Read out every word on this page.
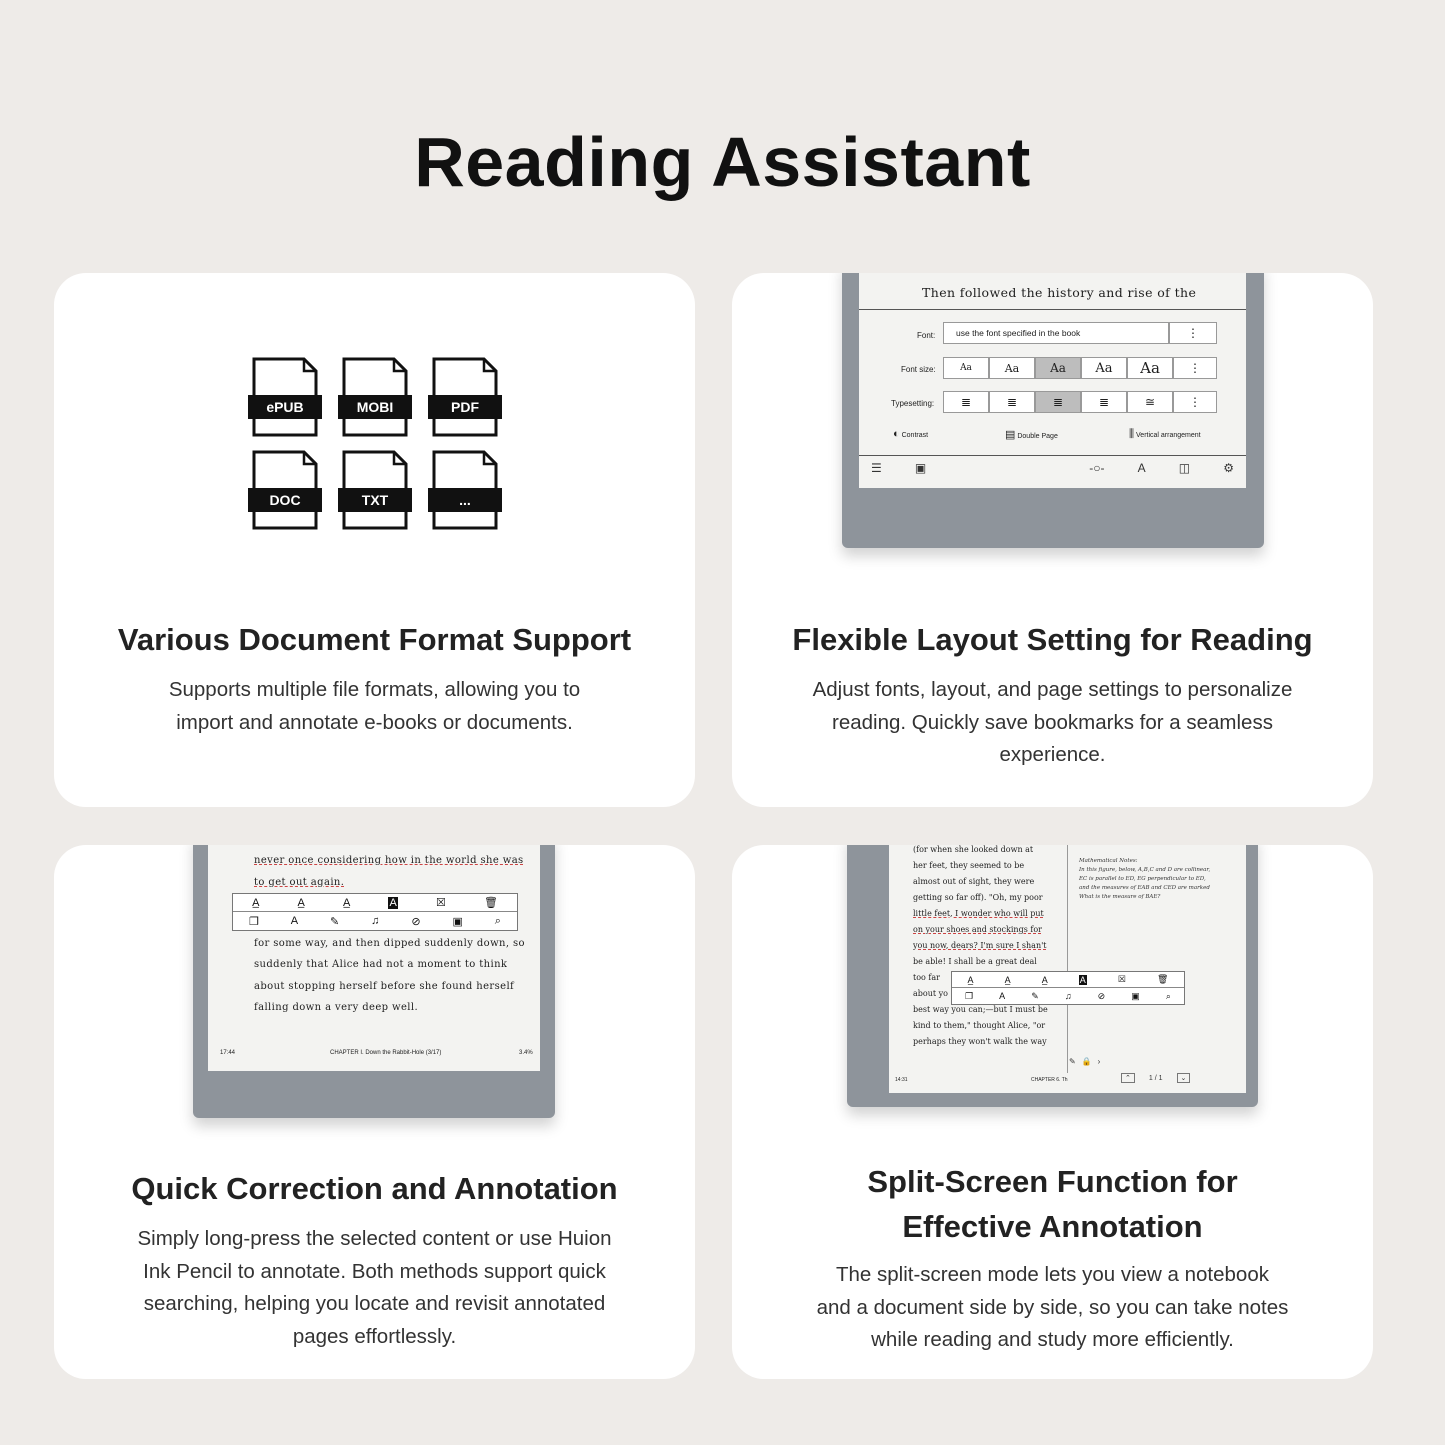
Reading Assistant
ePUB	MOBI	PDF
DOC	TXT	...
Various Document Format Support

Supports multiple file formats, allowing you to
import and annotate e-books or documents.

Then followed the history and rise of the
Font:	use the font specified in the book	⋮
Font size:	Aa	Aa	Aa	Aa	Aa	⋮
Typesetting:	≣	≣	≣	≣	≅	⋮
◐ Contrast	▤ Double Page	⫼ Vertical arrangement
☰	▣	-○-	A	◫	⚙
Flexible Layout Setting for Reading

Adjust fonts, layout, and page settings to personalize
reading. Quickly save bookmarks for a seamless
experience.

never once considering how in the world she was
to get out again.
A̲	A̲	A̲	A	☒	🗑
❐	A	✎	♫	⊘	▣	⌕
for some way, and then dipped suddenly down, so
suddenly that Alice had not a moment to think
about stopping herself before she found herself
falling down a very deep well.
17:44	CHAPTER I. Down the Rabbit-Hole (3/17)	3.4%
Quick Correction and Annotation

Simply long-press the selected content or use Huion
Ink Pencil to annotate. Both methods support quick
searching, helping you locate and revisit annotated
pages effortlessly.

(for when she looked down at
her feet, they seemed to be
almost out of sight, they were
getting so far off). "Oh, my poor
little feet, I wonder who will put
on your shoes and stockings for
you now, dears? I'm sure I shan't
be able! I shall be a great deal
too far
about yo
best way you can;—but I must be
kind to them," thought Alice, "or
perhaps they won't walk the way
Mathematical Notes:
In this figure, below, A,B,C and D are collinear,
EC is parallel to ED, EG perpendicular to ED,
and the measures of EAB and CED are marked
What is the measure of BAE?
A̲	A̲	A̲	A	☒	🗑
❐	A	✎	♫	⊘	▣	⌕
14:31	CHAPTER 6. Th
✎ 🔒 ›
⌃	1 / 1	⌄
Split-Screen Function for
Effective Annotation

The split-screen mode lets you view a notebook
and a document side by side, so you can take notes
while reading and study more efficiently.
